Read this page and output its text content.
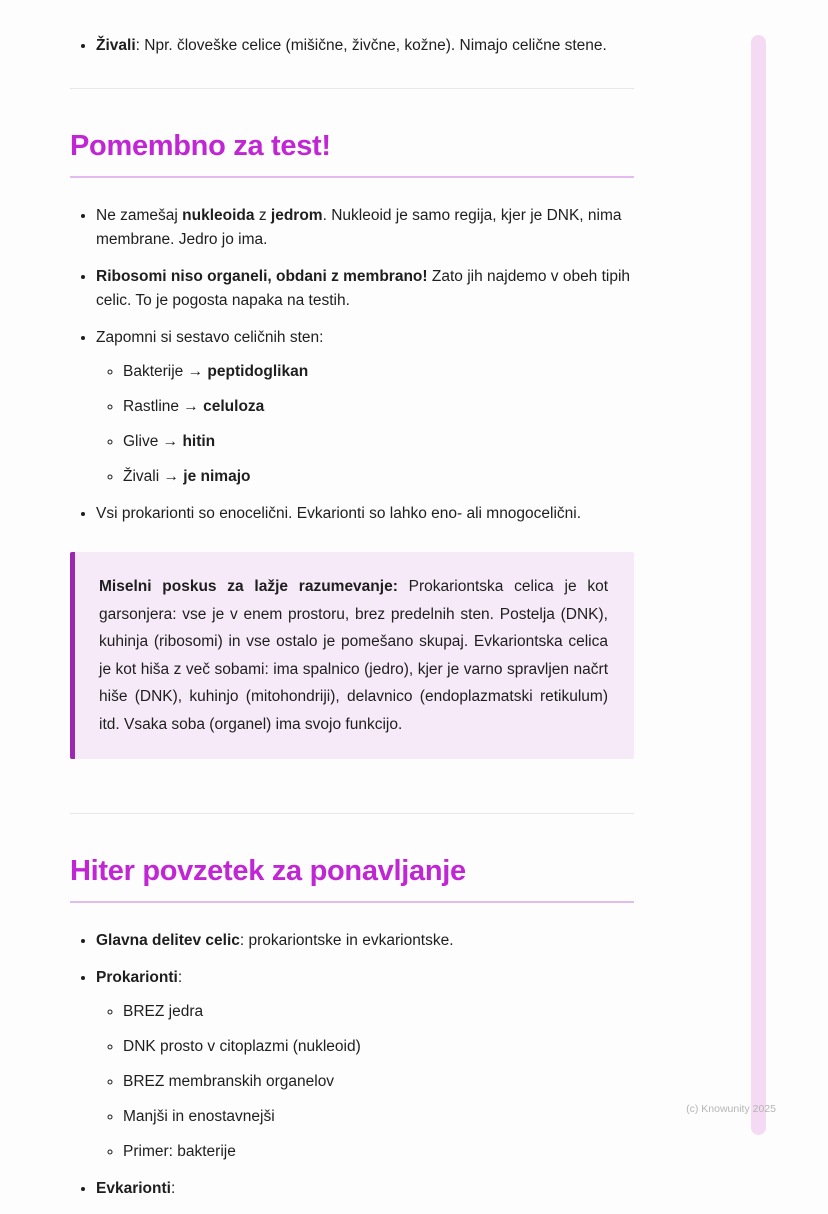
• Živali: Npr. človeške celice (mišične, živčne, kožne). Nimajo celične stene.
Pomembno za test!
• Ne zamešaj nukleoida z jedrom. Nukleoid je samo regija, kjer je DNK, nima membrane. Jedro jo ima.
• Ribosomi niso organeli, obdani z membrano! Zato jih najdemo v obeh tipih celic. To je pogosta napaka na testih.
• Zapomni si sestavo celičnih sten:
◦ Bakterije → peptidoglikan
◦ Rastline → celuloza
◦ Glive → hitin
◦ Živali → je nimajo
• Vsi prokarionti so enocelični. Evkarionti so lahko eno- ali mnogocelični.
Miselni poskus za lažje razumevanje: Prokariontska celica je kot garsonjera: vse je v enem prostoru, brez predelnih sten. Postelja (DNK), kuhinja (ribosomi) in vse ostalo je pomešano skupaj. Evkariontska celica je kot hiša z več sobami: ima spalnico (jedro), kjer je varno spravljen načrt hiše (DNK), kuhinjo (mitohondriji), delavnico (endoplazmatski retikulum) itd. Vsaka soba (organel) ima svojo funkcijo.
Hiter povzetek za ponavljanje
• Glavna delitev celic: prokariontske in evkariontske.
• Prokarionti:
◦ BREZ jedra
◦ DNK prosto v citoplazmi (nukleoid)
◦ BREZ membranskih organelov
◦ Manjši in enostavnejši
◦ Primer: bakterije
• Evkarionti:
(c) Knowunity 2025
